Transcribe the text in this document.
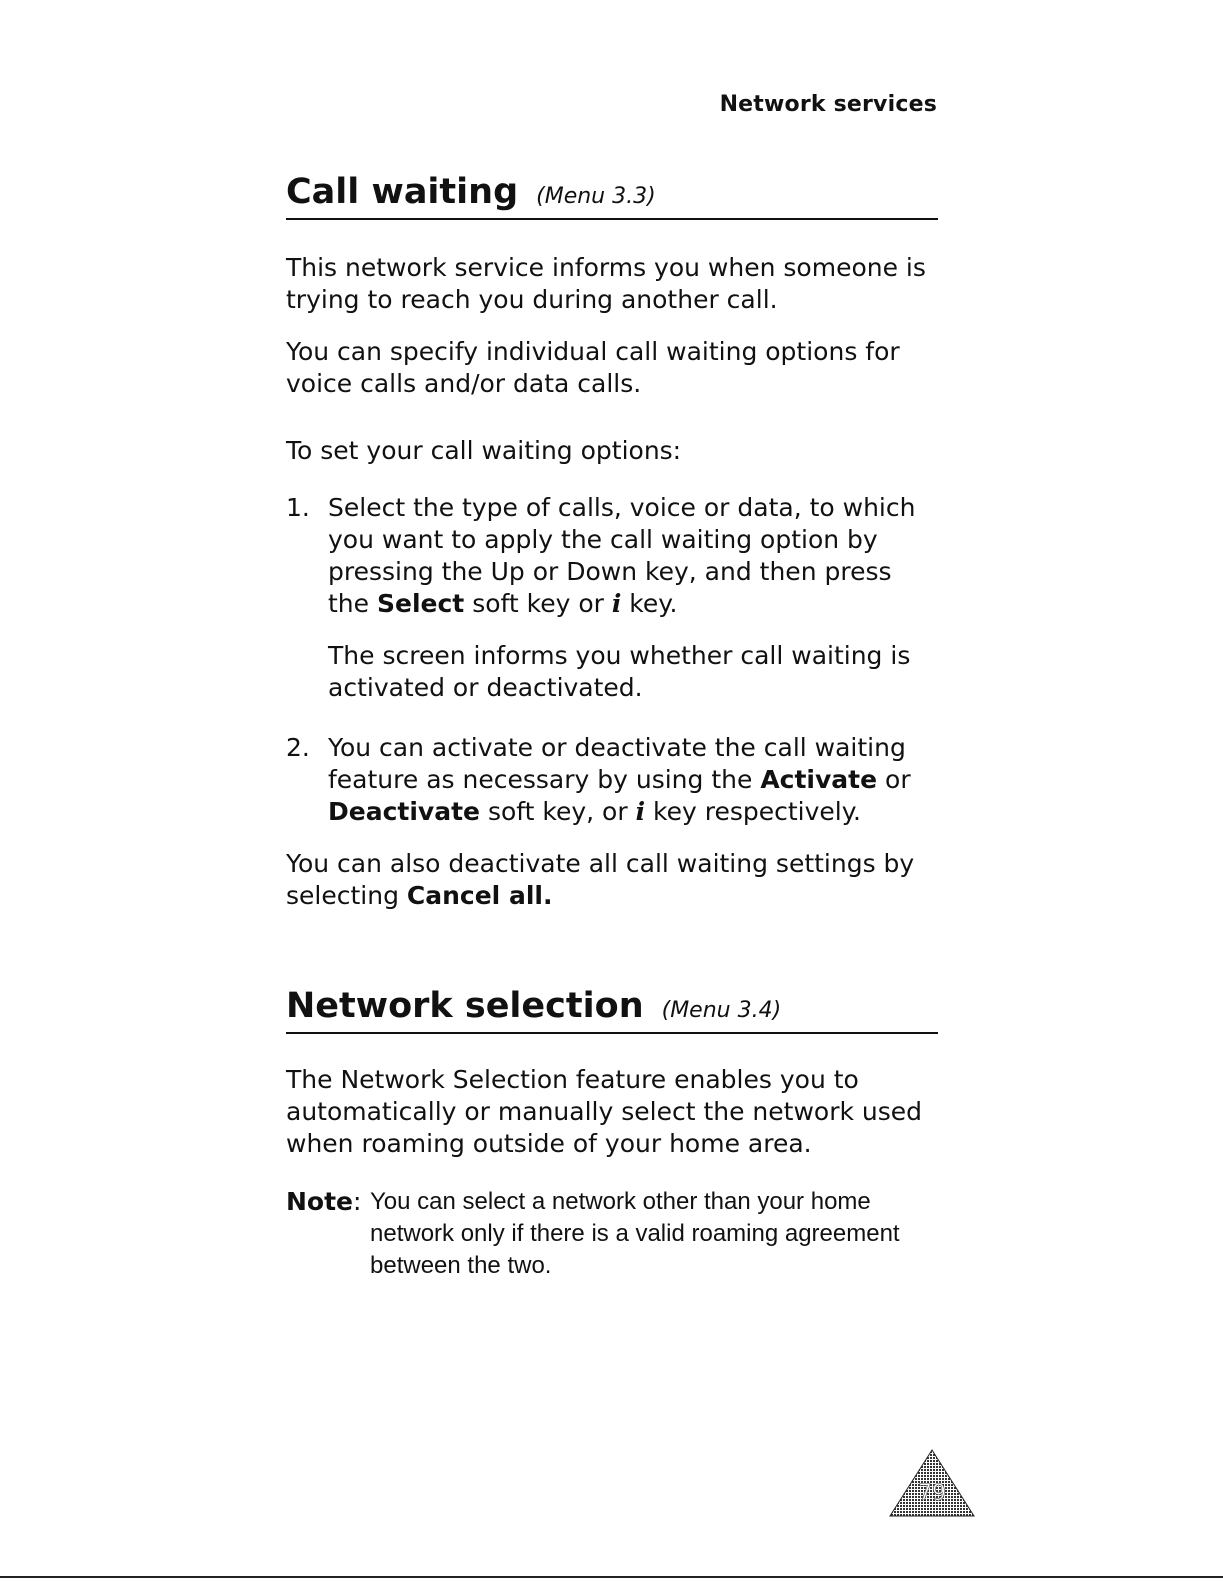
Network services
Call waiting (Menu 3.3)

This network service informs you when someone is trying to reach you during another call.

You can specify individual call waiting options for voice calls and/or data calls.

To set your call waiting options:

1. Select the type of calls, voice or data, to which you want to apply the call waiting option by pressing the Up or Down key, and then press the Select soft key or i key.
The screen informs you whether call waiting is activated or deactivated.
2. You can activate or deactivate the call waiting feature as necessary by using the Activate or Deactivate soft key, or i key respectively.

You can also deactivate all call waiting settings by selecting Cancel all.

Network selection (Menu 3.4)

The Network Selection feature enables you to automatically or manually select the network used when roaming outside of your home area.

Note: You can select a network other than your home network only if there is a valid roaming agreement between the two.
79
